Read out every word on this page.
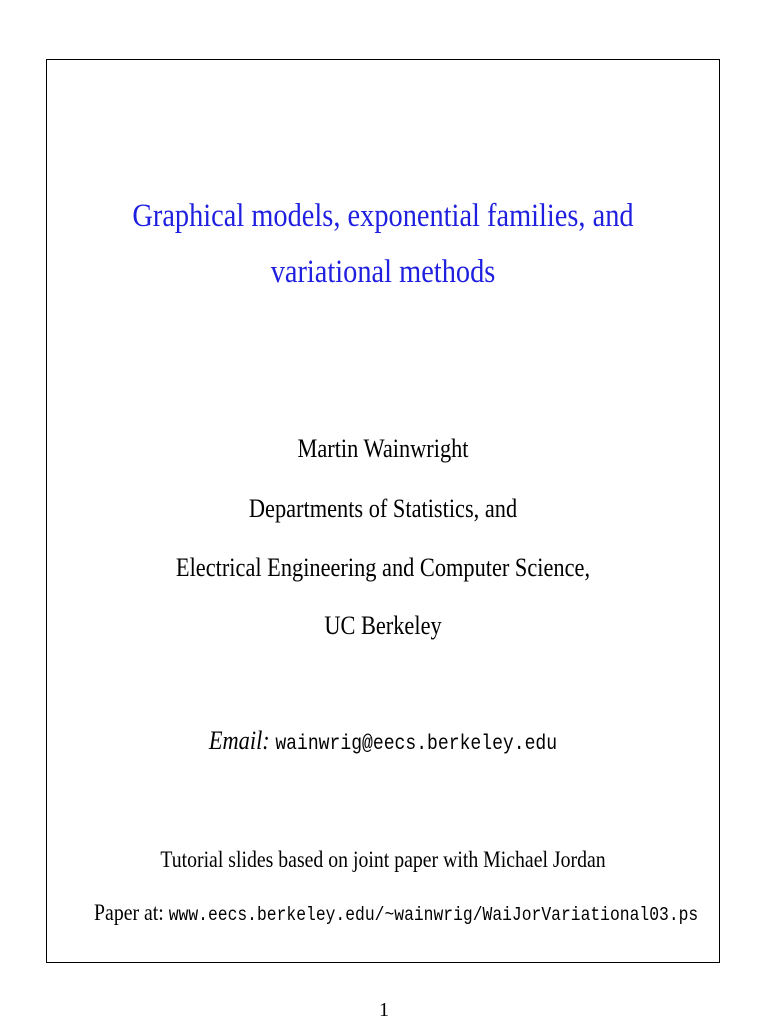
Graphical models, exponential families, and
variational methods
Martin Wainwright
Departments of Statistics, and
Electrical Engineering and Computer Science,
UC Berkeley
Email: wainwrig@eecs.berkeley.edu
Tutorial slides based on joint paper with Michael Jordan
Paper at: www.eecs.berkeley.edu/~wainwrig/WaiJorVariational03.ps
1
